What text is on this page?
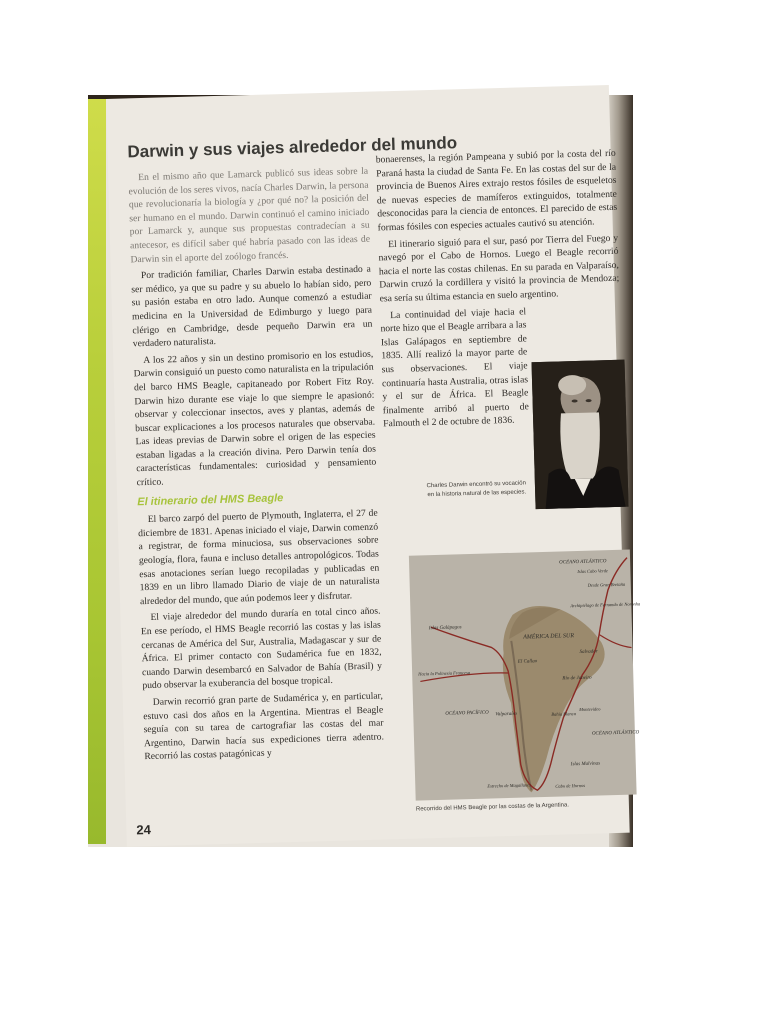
Darwin y sus viajes alrededor del mundo

En el mismo año que Lamarck publicó sus ideas sobre la evolución de los seres vivos, nacía Charles Darwin, la persona que revolucionaría la biología y ¿por qué no? la posición del ser humano en el mundo. Darwin continuó el camino iniciado por Lamarck y, aunque sus propuestas contradecían a su antecesor, es difícil saber qué habría pasado con las ideas de Darwin sin el aporte del zoólogo francés.

Por tradición familiar, Charles Darwin estaba destinado a ser médico, ya que su padre y su abuelo lo habían sido, pero su pasión estaba en otro lado. Aunque comenzó a estudiar medicina en la Universidad de Edimburgo y luego para clérigo en Cambridge, desde pequeño Darwin era un verdadero naturalista.

A los 22 años y sin un destino promisorio en los estudios, Darwin consiguió un puesto como naturalista en la tripulación del barco HMS Beagle, capitaneado por Robert Fitz Roy. Darwin hizo durante ese viaje lo que siempre le apasionó: observar y coleccionar insectos, aves y plantas, además de buscar explicaciones a los procesos naturales que observaba. Las ideas previas de Darwin sobre el origen de las especies estaban ligadas a la creación divina. Pero Darwin tenía dos características fundamentales: curiosidad y pensamiento crítico.

El itinerario del HMS Beagle

El barco zarpó del puerto de Plymouth, Inglaterra, el 27 de diciembre de 1831. Apenas iniciado el viaje, Darwin comenzó a registrar, de forma minuciosa, sus observaciones sobre geología, flora, fauna e incluso detalles antropológicos. Todas esas anotaciones serían luego recopiladas y publicadas en 1839 en un libro llamado Diario de viaje de un naturalista alrededor del mundo, que aún podemos leer y disfrutar.

El viaje alrededor del mundo duraría en total cinco años. En ese período, el HMS Beagle recorrió las costas y las islas cercanas de América del Sur, Australia, Madagascar y sur de África. El primer contacto con Sudamérica fue en 1832, cuando Darwin desembarcó en Salvador de Bahía (Brasil) y pudo observar la exuberancia del bosque tropical.

Darwin recorrió gran parte de Sudamérica y, en particular, estuvo casi dos años en la Argentina. Mientras el Beagle seguía con su tarea de cartografiar las costas del mar Argentino, Darwin hacía sus expediciones tierra adentro. Recorrió las costas patagónicas y

bonaerenses, la región Pampeana y subió por la costa del río Paraná hasta la ciudad de Santa Fe. En las costas del sur de la provincia de Buenos Aires extrajo restos fósiles de esqueletos de nuevas especies de mamíferos extinguidos, totalmente desconocidas para la ciencia de entonces. El parecido de estas formas fósiles con especies actuales cautivó su atención.

El itinerario siguió para el sur, pasó por Tierra del Fuego y navegó por el Cabo de Hornos. Luego el Beagle recorrió hacia el norte las costas chilenas. En su parada en Valparaíso, Darwin cruzó la cordillera y visitó la provincia de Mendoza; esa sería su última estancia en suelo argentino.

La continuidad del viaje hacia el norte hizo que el Beagle arribara a las Islas Galápagos en septiembre de 1835. Allí realizó la mayor parte de sus observaciones. El viaje continuaría hasta Australia, otras islas y el sur de África. El Beagle finalmente arribó al puerto de Falmouth el 2 de octubre de 1836.

Charles Darwin encontró su vocación en la historia natural de las especies.
OCÉANO ATLÁNTICO
Islas Cabo Verde
Desde Gran Bretaña
Archipiélago de Fernando de Noronha
Islas Galápagos
AMÉRICA DEL SUR
El Callao
Salvador
Hacia la Polinesia Francesa
Río de Janeiro
OCÉANO PACÍFICO Valparaíso	Bahía Blanca
Montevideo
OCÉANO ATLÁNTICO
Islas Malvinas
Estrecho de Magallanes	Cabo de Hornos
Recorrido del HMS Beagle por las costas de la Argentina.
24
